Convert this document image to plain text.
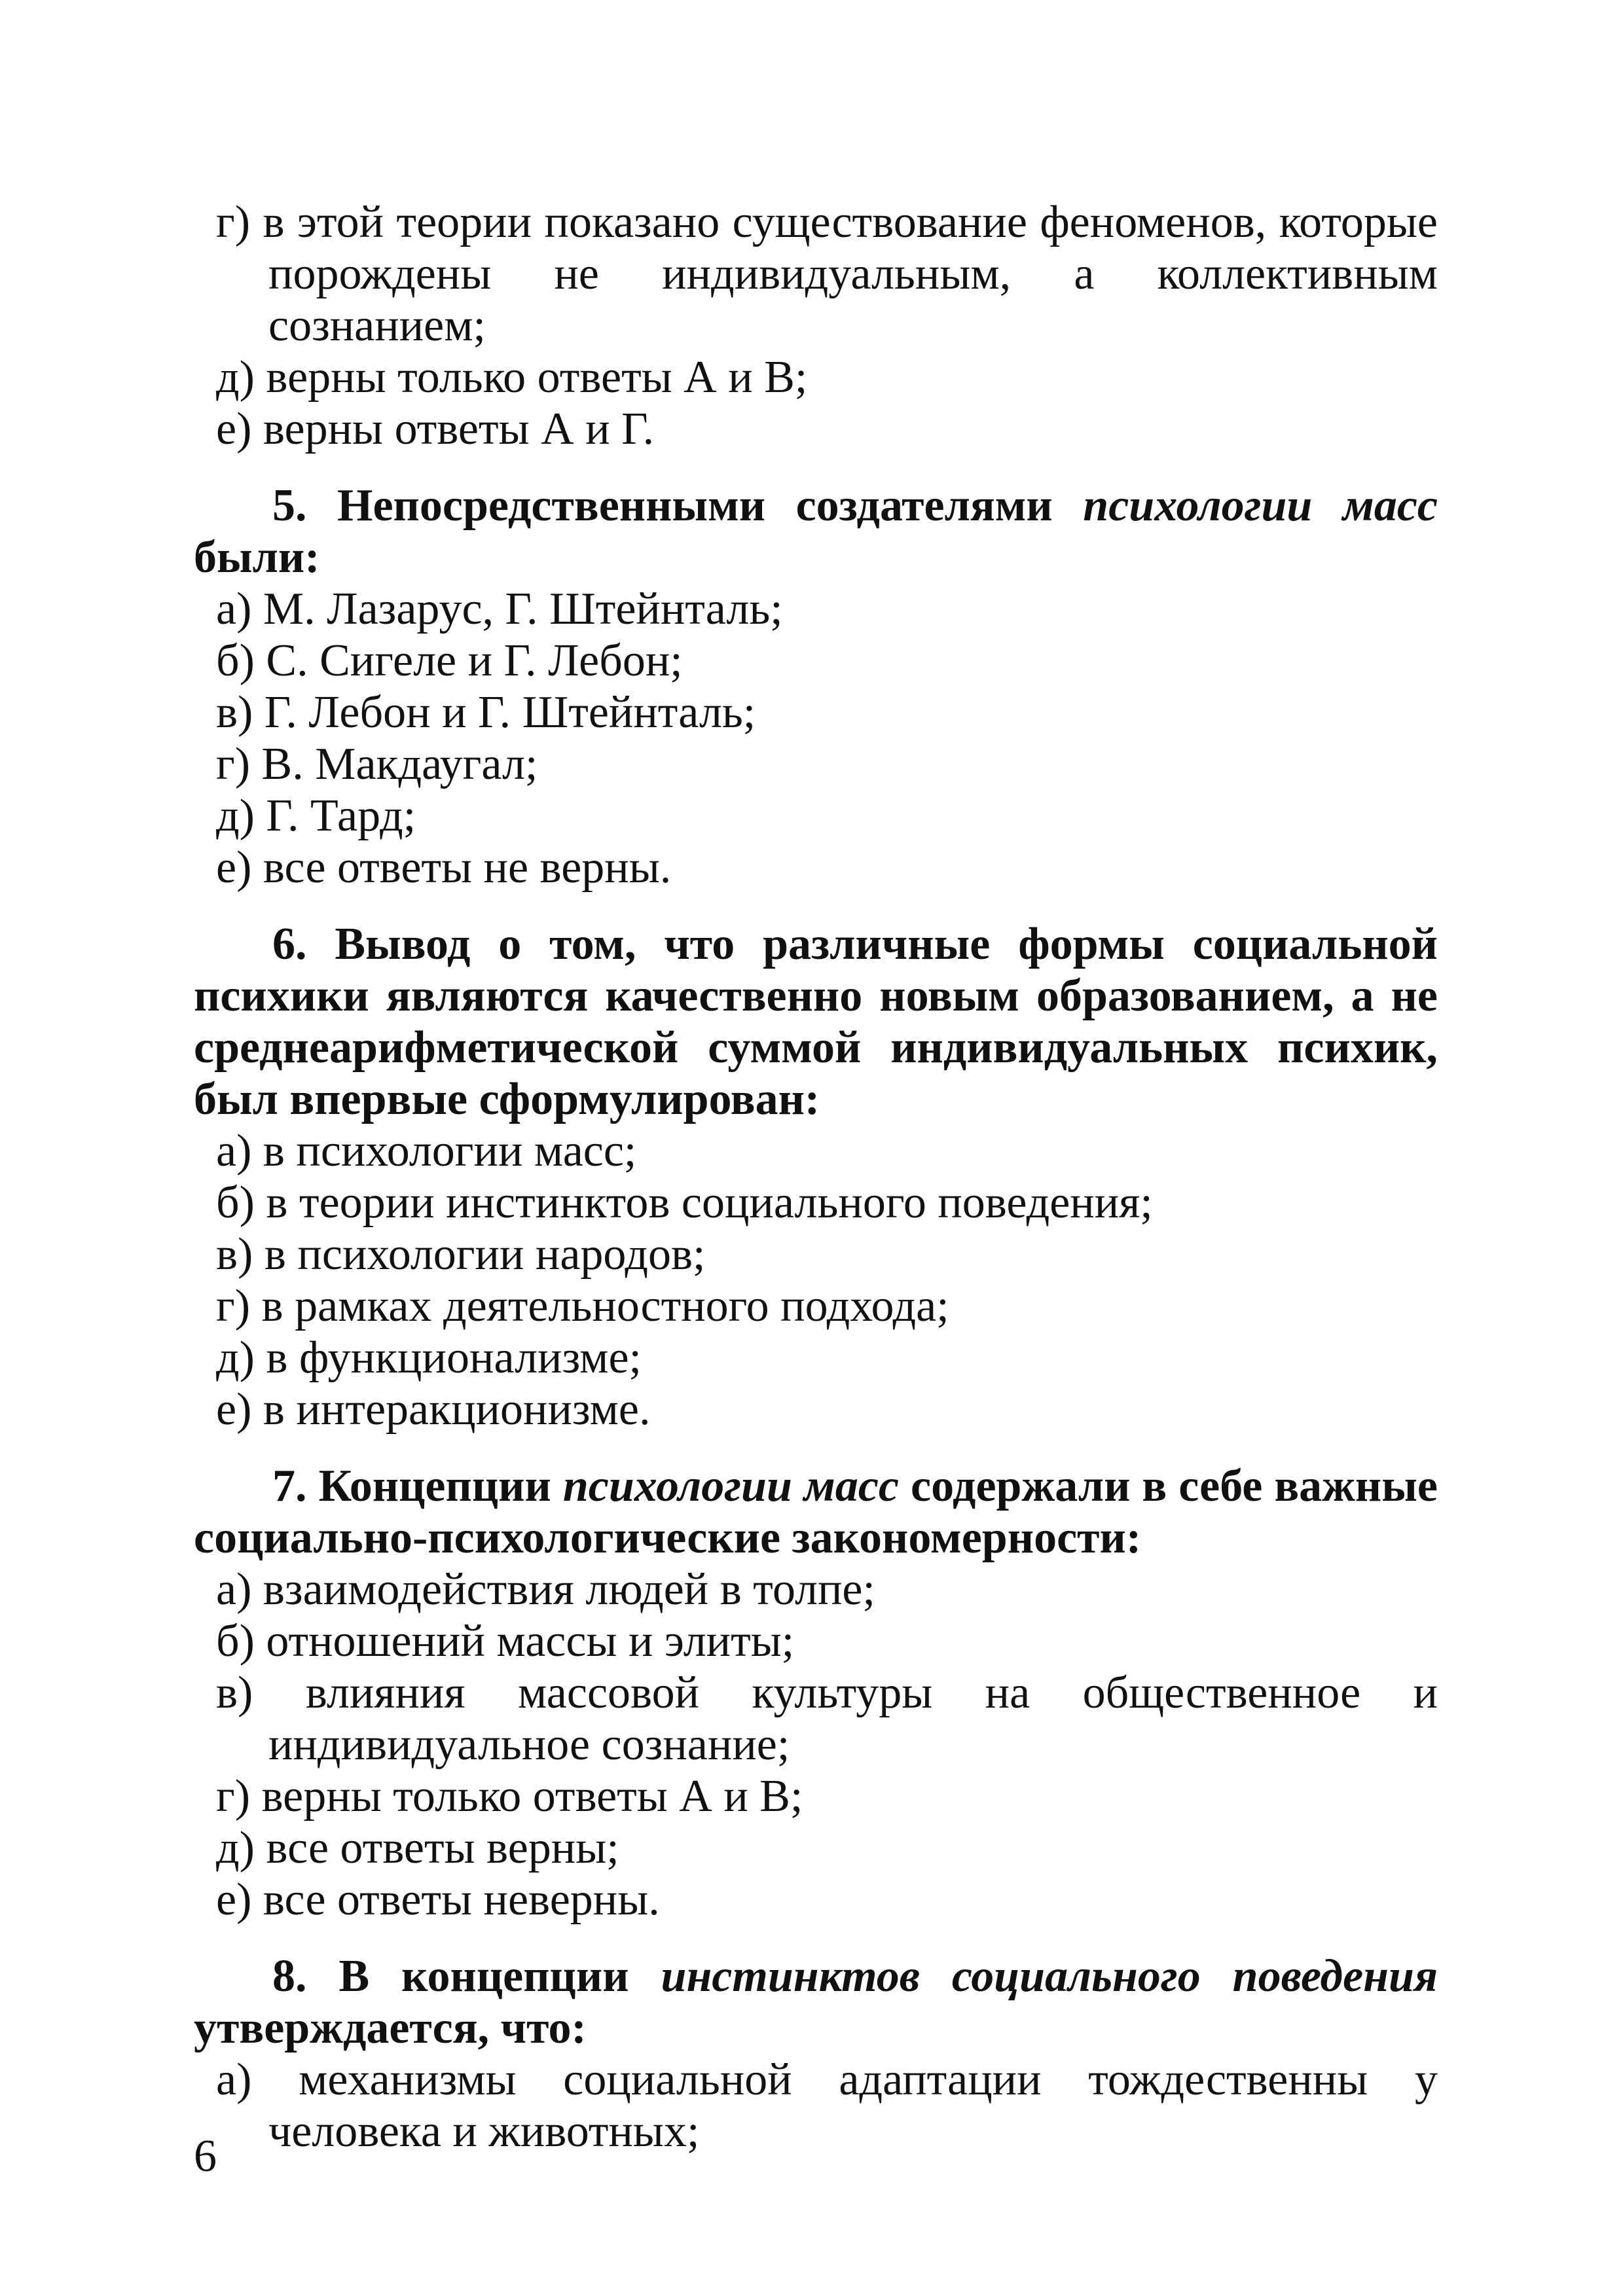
г) в этой теории показано существование феноменов, которые порождены не индивидуальным, а коллективным сознанием;
д) верны только ответы А и В;
е) верны ответы А и Г.
5. Непосредственными создателями психологии масс были:
а) М. Лазарус, Г. Штейнталь;
б) С. Сигеле и Г. Лебон;
в) Г. Лебон и Г. Штейнталь;
г) В. Макдаугал;
д) Г. Тард;
е) все ответы не верны.
6. Вывод о том, что различные формы социальной психики являются качественно новым образованием, а не среднеарифметической суммой индивидуальных психик, был впервые сформулирован:
а) в психологии масс;
б) в теории инстинктов социального поведения;
в) в психологии народов;
г) в рамках деятельностного подхода;
д) в функционализме;
е) в интеракционизме.
7. Концепции психологии масс содержали в себе важные социально-психологические закономерности:
а) взаимодействия людей в толпе;
б) отношений массы и элиты;
в) влияния массовой культуры на общественное и индивидуальное сознание;
г) верны только ответы А и В;
д) все ответы верны;
е) все ответы неверны.
8. В концепции инстинктов социального поведения утверждается, что:
а) механизмы социальной адаптации тождественны у человека и животных;
6
